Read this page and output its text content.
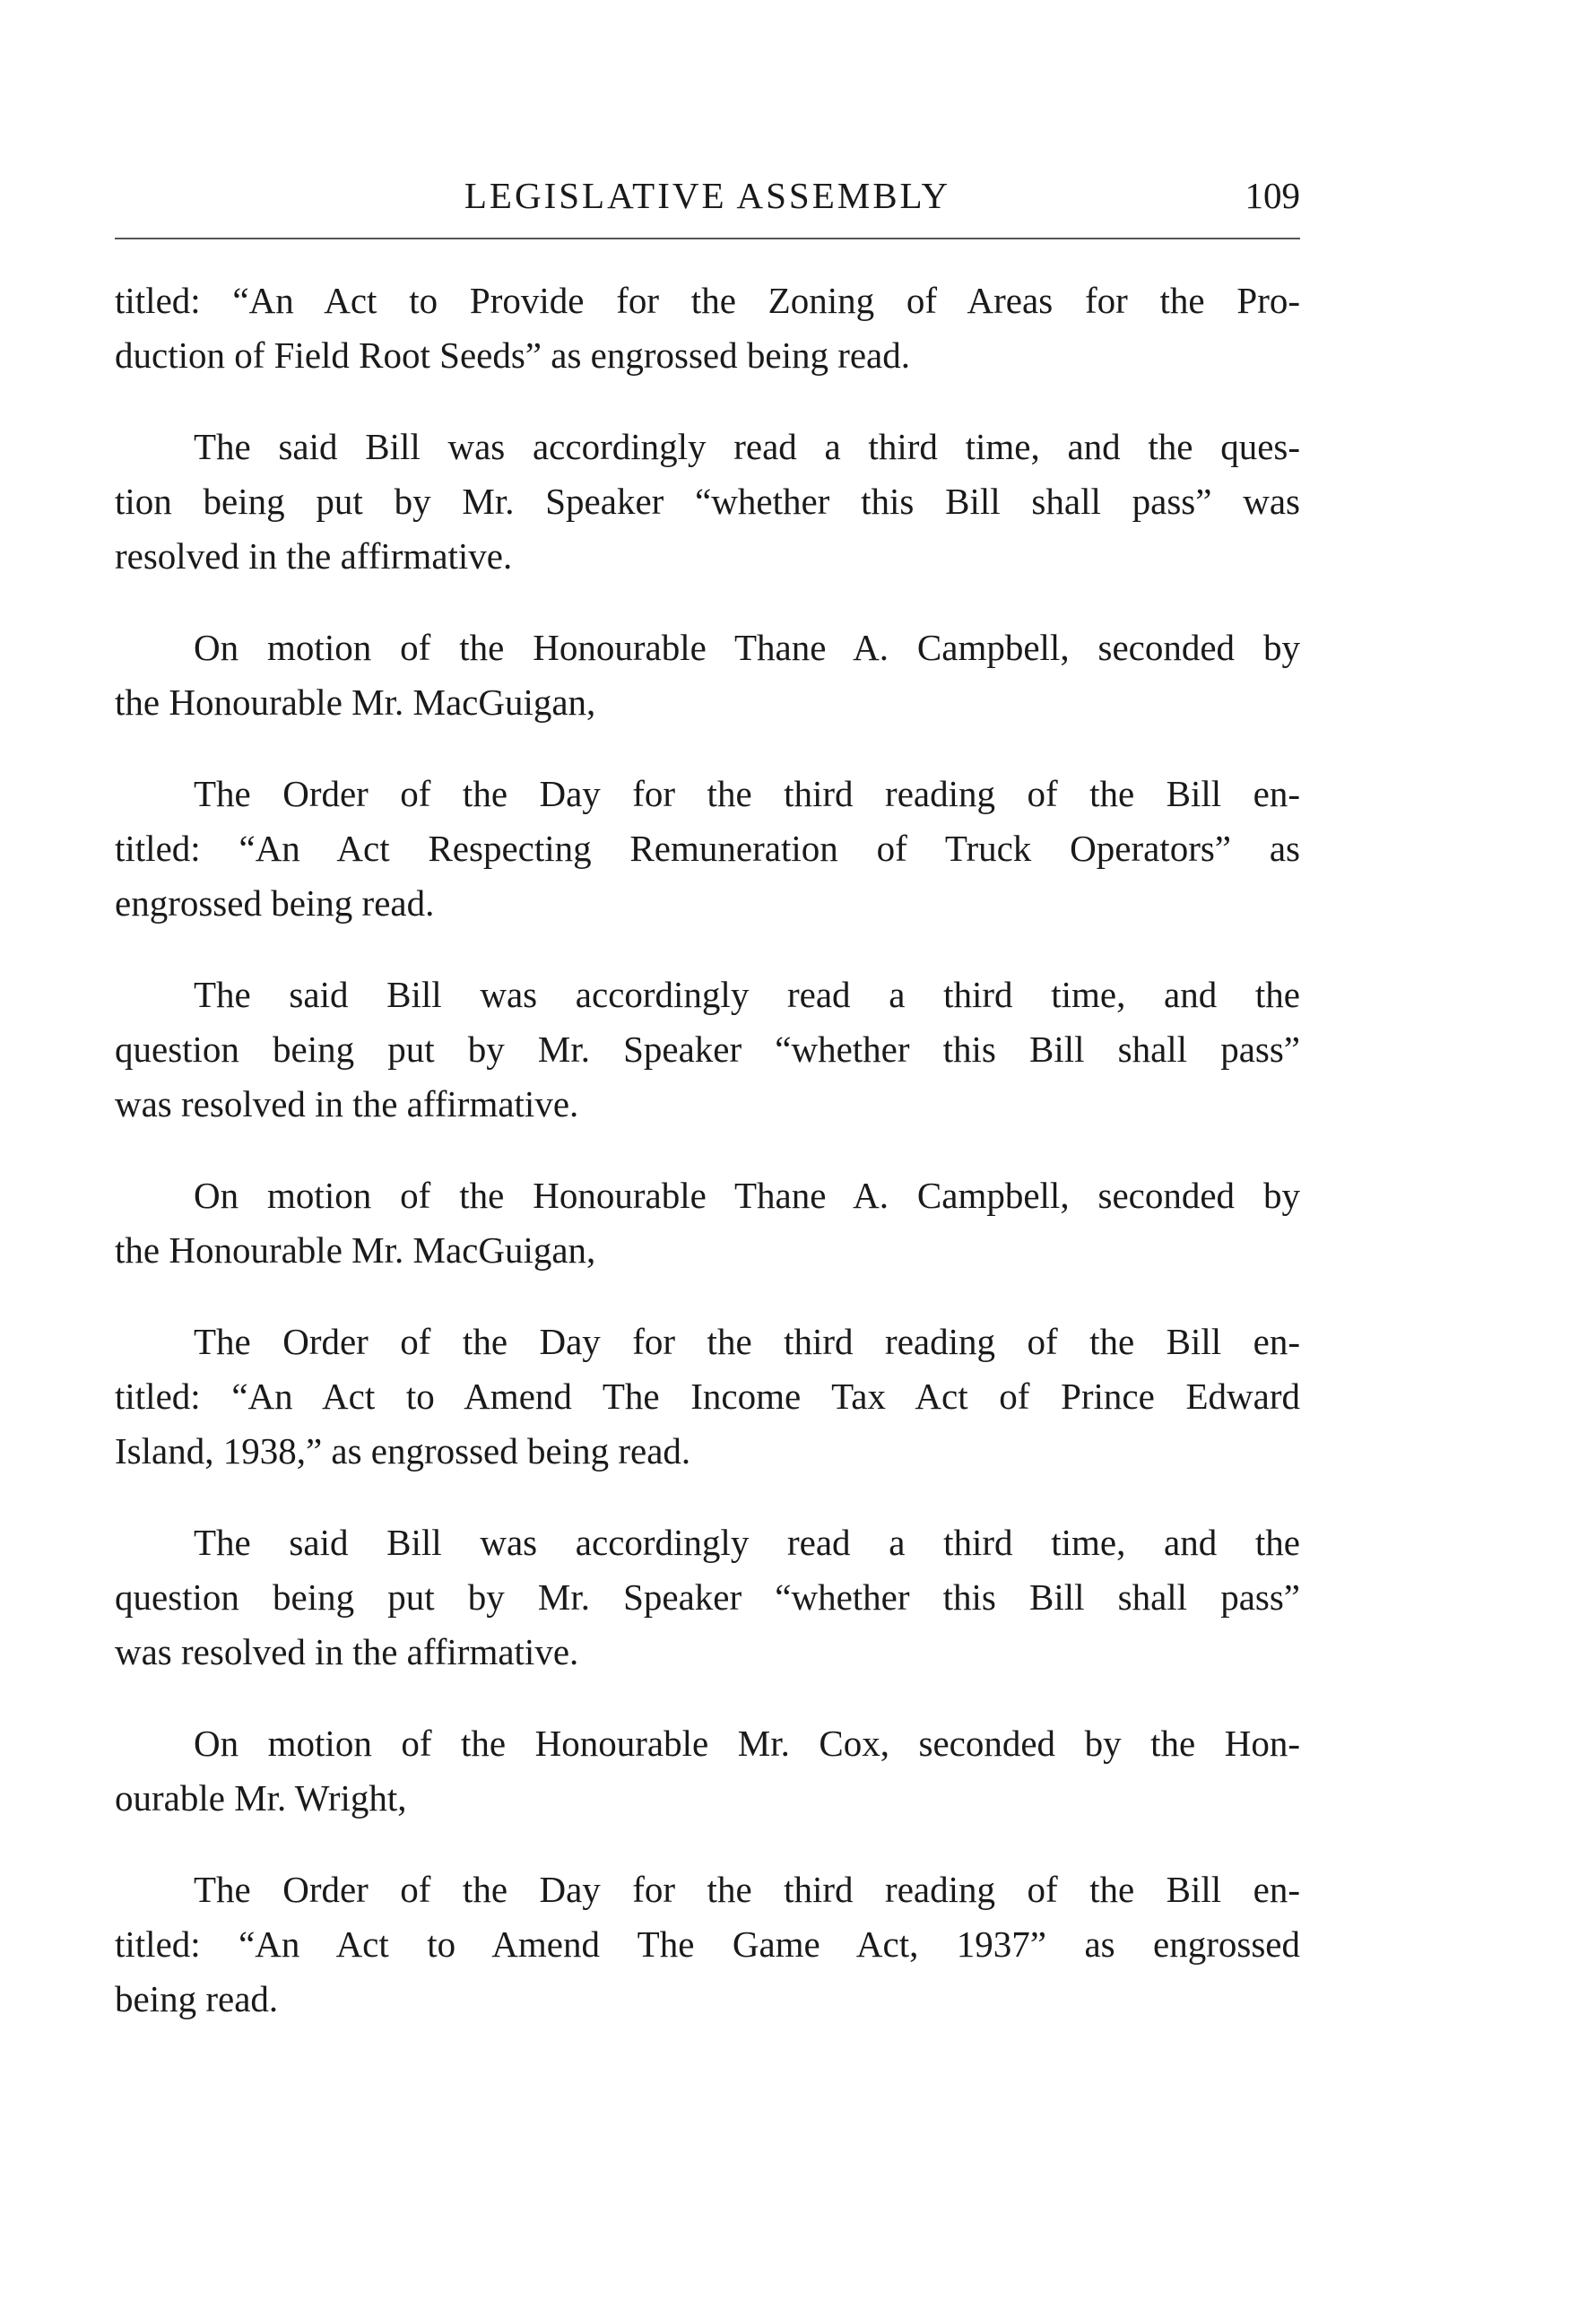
LEGISLATIVE ASSEMBLY	109

titled: “An Act to Provide for the Zoning of Areas for the Pro-
duction of Field Root Seeds” as engrossed being read.

The said Bill was accordingly read a third time, and the ques-
tion being put by Mr. Speaker “whether this Bill shall pass” was
resolved in the affirmative.

On motion of the Honourable Thane A. Campbell, seconded by
the Honourable Mr. MacGuigan,

The Order of the Day for the third reading of the Bill en-
titled: “An Act Respecting Remuneration of Truck Operators” as
engrossed being read.

The said Bill was accordingly read a third time, and the
question being put by Mr. Speaker “whether this Bill shall pass”
was resolved in the affirmative.

On motion of the Honourable Thane A. Campbell, seconded by
the Honourable Mr. MacGuigan,

The Order of the Day for the third reading of the Bill en-
titled: “An Act to Amend The Income Tax Act of Prince Edward
Island, 1938,” as engrossed being read.

The said Bill was accordingly read a third time, and the
question being put by Mr. Speaker “whether this Bill shall pass”
was resolved in the affirmative.

On motion of the Honourable Mr. Cox, seconded by the Hon-
ourable Mr. Wright,

The Order of the Day for the third reading of the Bill en-
titled: “An Act to Amend The Game Act, 1937” as engrossed
being read.
